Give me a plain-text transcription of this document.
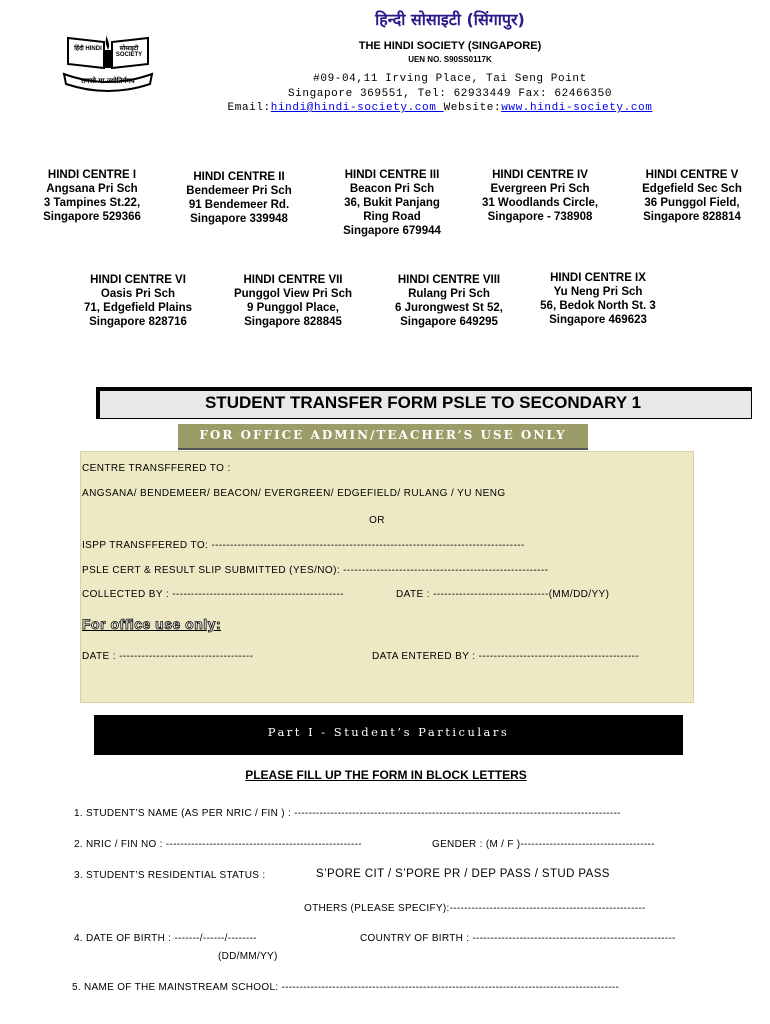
हिंदी HINDI	सोसाइटी SOCIETY
तमसो मा ज्योतिर्गमय
हिन्दी सोसाइटी (सिंगापुर)
THE HINDI SOCIETY (SINGAPORE)
UEN NO. S90SS0117K
#09-04,11 Irving Place, Tai Seng Point
Singapore 369551, Tel: 62933449 Fax: 62466350
Email:hindi@hindi-society.com Website:www.hindi-society.com
HINDI CENTRE I
Angsana Pri Sch
3 Tampines St.22,
Singapore 529366
HINDI CENTRE II
Bendemeer Pri Sch
91 Bendemeer Rd.
Singapore 339948
HINDI CENTRE III
Beacon Pri Sch
36, Bukit Panjang
Ring Road
Singapore 679944
HINDI CENTRE IV
Evergreen Pri Sch
31 Woodlands Circle,
Singapore - 738908
HINDI CENTRE V
Edgefield Sec Sch
36 Punggol Field,
Singapore 828814
HINDI CENTRE VI
Oasis Pri Sch
71, Edgefield Plains
Singapore 828716
HINDI CENTRE VII
Punggol View Pri Sch
9 Punggol Place,
Singapore 828845
HINDI CENTRE VIII
Rulang Pri Sch
6 Jurongwest St 52,
Singapore 649295
HINDI CENTRE IX
Yu Neng Pri Sch
56, Bedok North St. 3
Singapore 469623
STUDENT TRANSFER FORM PSLE TO SECONDARY 1
FOR OFFICE ADMIN/TEACHER’S USE ONLY
CENTRE TRANSFFERED TO :
ANGSANA/ BENDEMEER/ BEACON/ EVERGREEN/ EDGEFIELD/ RULANG / YU NENG
OR
ISPP TRANSFFERED TO: ------------------------------------------------------------------------------------
PSLE CERT & RESULT SLIP SUBMITTED (YES/NO): -------------------------------------------------------
COLLECTED BY : ----------------------------------------------	DATE : -------------------------------(MM/DD/YY)
For office use only:
DATE : ------------------------------------	DATA ENTERED BY : -------------------------------------------
Part I - Student’s Particulars
PLEASE FILL UP THE FORM IN BLOCK LETTERS
1. STUDENT’S NAME (AS PER NRIC / FIN ) : ------------------------------------------------------------------------------------------
2. NRIC / FIN NO : ------------------------------------------------------	GENDER : (M / F )-------------------------------------
3. STUDENT’S RESIDENTIAL STATUS :	S’PORE CIT / S’PORE PR / DEP PASS / STUD PASS
OTHERS (PLEASE SPECIFY):------------------------------------------------------
4. DATE OF BIRTH : -------/------/--------	COUNTRY OF BIRTH : --------------------------------------------------------
(DD/MM/YY)
5. NAME OF THE MAINSTREAM SCHOOL: ---------------------------------------------------------------------------------------------
